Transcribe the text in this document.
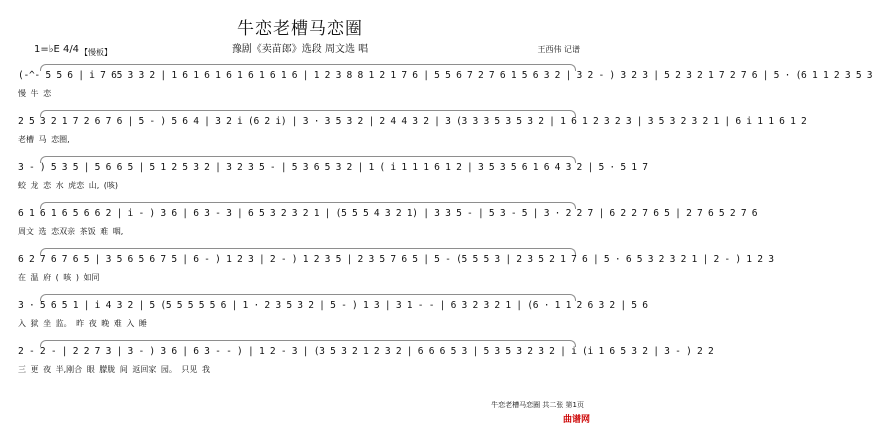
牛恋老槽马恋圈
豫剧《卖苗郎》选段 周文选 唱
1=♭E 4/4 【慢板】	王西伟 记谱
(-^- 5 5 6 | i 7 65 3 3 2 | 1 6 1 6 1 6 1 6 1 6 1 6 | 1 2 3 8 8 1 2 1 7 6 | 5 5 6 7 2 7 6 1 5 6 3 2 | 3 2 - ) 3 2 3 | 5 2 3 2 1 7 2 7 6 | 5 · (6 1 1 2 3 5 3
慢 牛 恋
2 5 3 2 1 7 2 6 7 6 | 5 - ) 5 6 4 | 3 2 i (6 2 i) | 3 · 3 5 3 2 | 2 4 4 3 2 | 3 (3 3 3 5 3 5 3 2 | 1 6 1 2 3 2 3 | 3 5 3 2 3 2 1 | 6 i 1 1 6 1 2
老槽 马 恋圈,
3 - ) 5 3 5 | 5 6 6 5 | 5 1 2 5 3 2 | 3 2 3 5 - | 5 3 6 5 3 2 | 1 ( i 1 1 1 6 1 2 | 3 5 3 5 6 1 6 4 3 2 | 5 · 5 1 7
蛟 龙 恋 水 虎恋 山, (咳)
6 1 6 1 6 5 6 6 2 | i - ) 3 6 | 6 3 - 3 | 6 5 3 2 3 2 1 | (5 5 5 4 3 2 1) | 3 3 5 - | 5 3 - 5 | 3 · 2 2 7 | 6 2 2 7 6 5 | 2 7 6 5 2 7 6
周文 选 恋双亲 茶饭 难 咽,
6 2 7 6 7 6 5 | 3 5 6 5 6 7 5 | 6 - ) 1 2 3 | 2 - ) 1 2 3 5 | 2 3 5 7 6 5 | 5 - (5 5 5 3 | 2 3 5 2 1 7 6 | 5 · 6 5 3 2 3 2 1 | 2 - ) 1 2 3
在 温 府 ( 咳 ) 如同
3 · 5 6 5 1 | i 4 3 2 | 5 (5 5 5 5 5 6 | 1 · 2 3 5 3 2 | 5 - ) 1 3 | 3 1 - - | 6 3 2 3 2 1 | (6 · 1 1 2 6 3 2 | 5 6
入 狱 坐 监。 昨 夜 晚 难 入 睡
2 - 2 - | 2 2 7 3 | 3 - ) 3 6 | 6 3 - - ) | 1 2 - 3 | (3 5 3 2 1 2 3 2 | 6 6 6 5 3 | 5 3 5 3 2 3 2 | i (i 1 6 5 3 2 | 3 - ) 2 2
三 更 夜 半,刚合 眼 朦胧 间 返回家 园。 只见 我
牛恋老槽马恋圈 共二张 第1页
曲谱网
